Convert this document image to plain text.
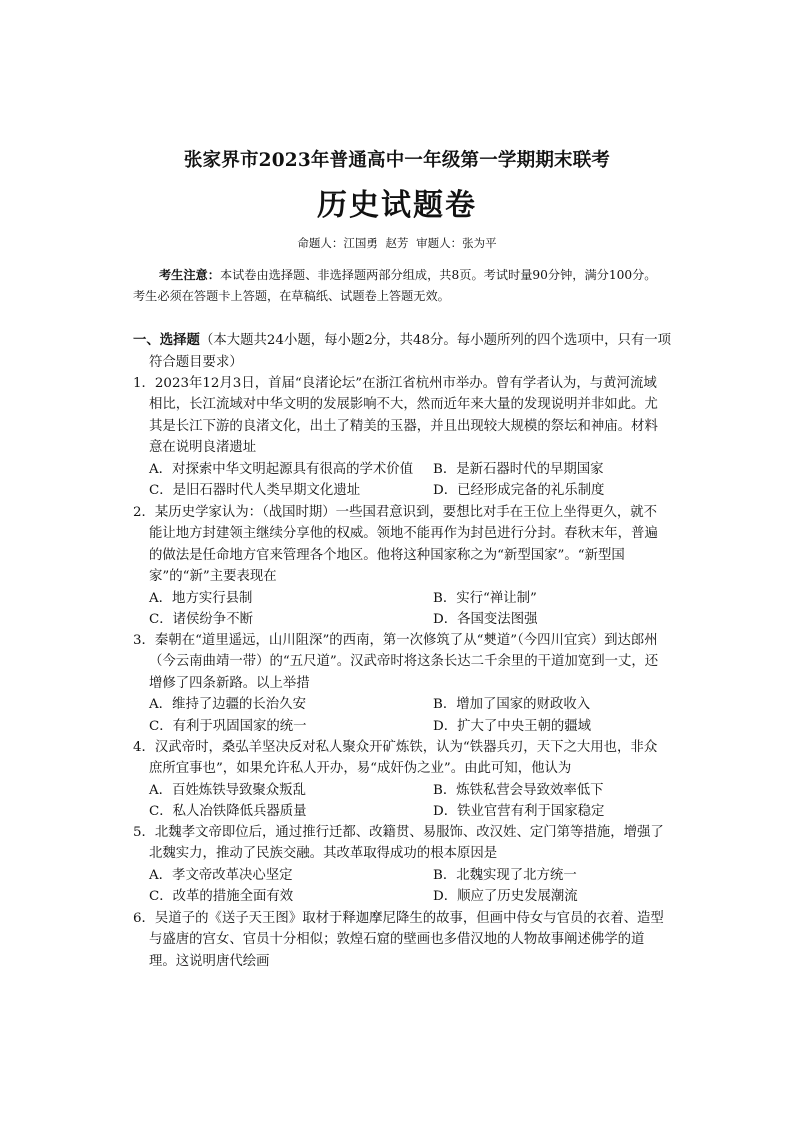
张家界市2023年普通高中一年级第一学期期末联考
历史试题卷
命题人：江国勇 赵芳 审题人：张为平
考生注意：本试卷由选择题、非选择题两部分组成，共8页。考试时量90分钟，满分100分。考生必须在答题卡上答题，在草稿纸、试题卷上答题无效。
一、选择题（本大题共24小题，每小题2分，共48分。每小题所列的四个选项中，只有一项符合题目要求）
1．2023年12月3日，首届“良渚论坛”在浙江省杭州市举办。曾有学者认为，与黄河流域相比，长江流域对中华文明的发展影响不大，然而近年来大量的发现说明并非如此。尤其是长江下游的良渚文化，出土了精美的玉器，并且出现较大规模的祭坛和神庙。材料意在说明良渚遗址
A．对探索中华文明起源具有很高的学术价值	B．是新石器时代的早期国家
C．是旧石器时代人类早期文化遗址	D．已经形成完备的礼乐制度
2．某历史学家认为：（战国时期）一些国君意识到，要想比对手在王位上坐得更久，就不能让地方封建领主继续分享他的权威。领地不能再作为封邑进行分封。春秋末年，普遍的做法是任命地方官来管理各个地区。他将这种国家称之为“新型国家”。“新型国家”的“新”主要表现在
A．地方实行县制	B．实行“禅让制”
C．诸侯纷争不断	D．各国变法图强
3．秦朝在“道里遥远，山川阻深”的西南，第一次修筑了从“僰道”（今四川宜宾）到达郎州（今云南曲靖一带）的“五尺道”。汉武帝时将这条长达二千余里的干道加宽到一丈，还增修了四条新路。以上举措
A．维持了边疆的长治久安	B．增加了国家的财政收入
C．有利于巩固国家的统一	D．扩大了中央王朝的疆域
4．汉武帝时，桑弘羊坚决反对私人聚众开矿炼铁，认为“铁器兵刃，天下之大用也，非众庶所宜事也”，如果允许私人开办，易“成奸伪之业”。由此可知，他认为
A．百姓炼铁导致聚众叛乱	B．炼铁私营会导致效率低下
C．私人冶铁降低兵器质量	D．铁业官营有利于国家稳定
5．北魏孝文帝即位后，通过推行迁都、改籍贯、易服饰、改汉姓、定门第等措施，增强了北魏实力，推动了民族交融。其改革取得成功的根本原因是
A．孝文帝改革决心坚定	B．北魏实现了北方统一
C．改革的措施全面有效	D．顺应了历史发展潮流
6．吴道子的《送子天王图》取材于释迦摩尼降生的故事，但画中侍女与官员的衣着、造型与盛唐的宫女、官员十分相似；敦煌石窟的壁画也多借汉地的人物故事阐述佛学的道理。这说明唐代绘画
